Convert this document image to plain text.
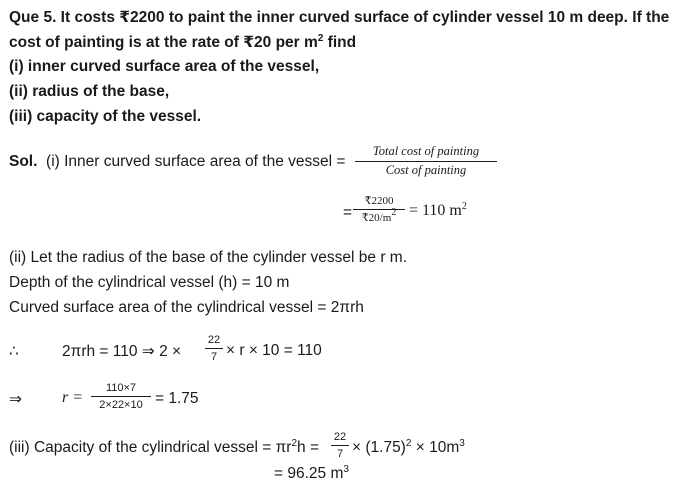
Que 5. It costs ₹2200 to paint the inner curved surface of cylinder vessel 10 m deep. If the
cost of painting is at the rate of ₹20 per $m^2$ find
(i) inner curved surface area of the vessel,
(ii) radius of the base,
(iii) capacity of the vessel.
Sol. (i) Inner curved surface area of the vessel =
Total cost of painting
Cost of painting
=
₹2200
$₹20/m^2 = 110$ $m^2$
(ii) Let the radius of the base of the cylinder vessel be r m.
Depth of the cylindrical vessel (h) = 10 m
Curved surface area of the cylindrical vessel = 2πrh
∴	2πrh = 110 ⇒ 2 ×
22
7 × r × 10 = 110
⇒	r =
110×7
2×22×10 = 1.75
(iii) Capacity of the cylindrical vessel = $\pi r^2h$ =
22
$7 \times (1.75)^2 \times 10m^3$
= 96.25 $m^3$
